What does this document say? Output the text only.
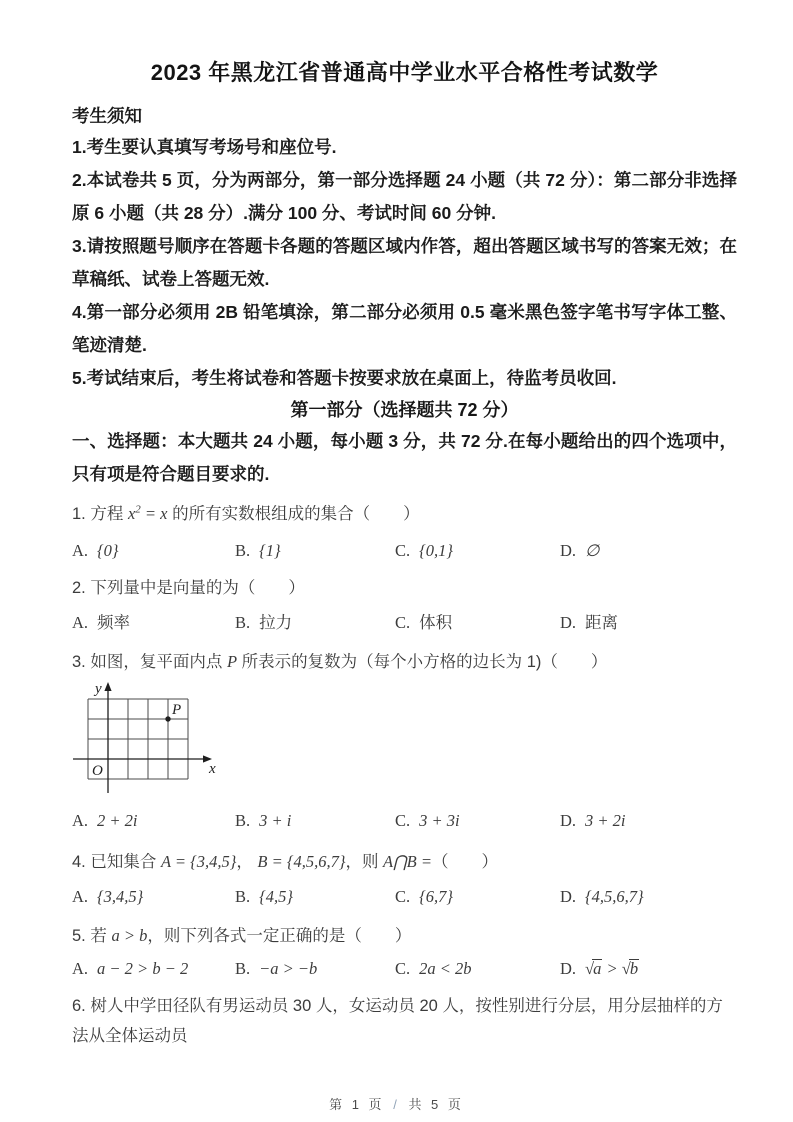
2023 年黑龙江省普通高中学业水平合格性考试数学

考生须知

1.考生要认真填写考场号和座位号.

2.本试卷共 5 页，分为两部分，第一部分选择题 24 小题（共 72 分）：第二部分非选择原 6 小题（共 28 分）.满分 100 分、考试时间 60 分钟.

3.请按照题号顺序在答题卡各题的答题区域内作答，超出答题区域书写的答案无效；在草稿纸、试卷上答题无效.

4.第一部分必须用 2B 铅笔填涂，第二部分必须用 0.5 毫米黑色签字笔书写字体工整、笔迹清楚.

5.考试结束后，考生将试卷和答题卡按要求放在桌面上，待监考员收回.

第一部分（选择题共 72 分）

一、选择题：本大题共 24 小题，每小题 3 分，共 72 分.在每小题给出的四个选项中，只有项是符合题目要求的.

1. 方程 $x^2 = x$ 的所有实数根组成的集合（　　）

A. {0}	B. {1}	C. {0,1}	D. ∅

2. 下列量中是向量的为（　　）

A. 频率	B. 拉力	C. 体积	D. 距离

3. 如图，复平面内点 P 所表示的复数为（每个小方格的边长为 1)（　　）

y
x
O
P
A. 2 + 2i	B. 3 + i	C. 3 + 3i	D. 3 + 2i

4. 已知集合 A = {3,4,5}， B = {4,5,6,7}，则 A⋂B =（　　）

A. {3,4,5}	B. {4,5}	C. {6,7}	D. {4,5,6,7}

5. 若 a > b，则下列各式一定正确的是（　　）

A. a − 2 > b − 2	B. −a > −b	C. 2a < 2b	D. √a > √b

6. 树人中学田径队有男运动员 30 人，女运动员 20 人，按性别进行分层，用分层抽样的方法从全体运动员

第 1 页 / 共 5 页
